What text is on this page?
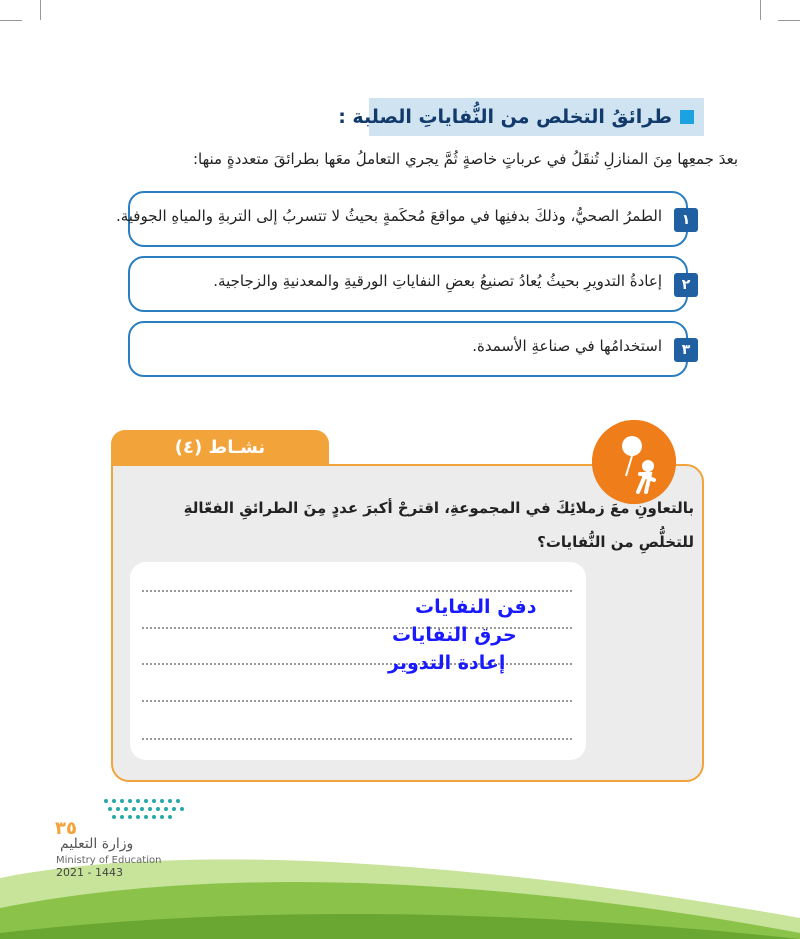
طرائقُ التخلص من النُّفاياتِ الصلبة :
بعدَ جمعِها مِنَ المنازلِ تُنقَلُ في عرباتٍ خاصةٍ ثُمَّ يجري التعاملُ معَها بطرائقَ متعددةٍ منها:
١
الطمرُ الصحيُّ، وذلكَ بدفنِها في مواقعَ مُحكَمةٍ بحيثُ لا تتسربُ إلى التربةِ والمياهِ الجوفية.
٢
إعادةُ التدويرِ بحيثُ يُعادُ تصنيعُ بعضِ النفاياتِ الورقيةِ والمعدنيةِ والزجاجية.
٣
استخدامُها في صناعةِ الأسمدة.
نشـاط (٤)
بالتعاونِ معَ زملائِكَ في المجموعةِ، اقترحْ أكبرَ عددٍ مِنَ الطرائقِ الفعّالةِ
للتخلُّصِ من النُّفايات؟
دفن النفايات
حرق النفايات
إعادة التدوير
٣٥
وزارة التعليم
Ministry of Education
2021 - 1443
